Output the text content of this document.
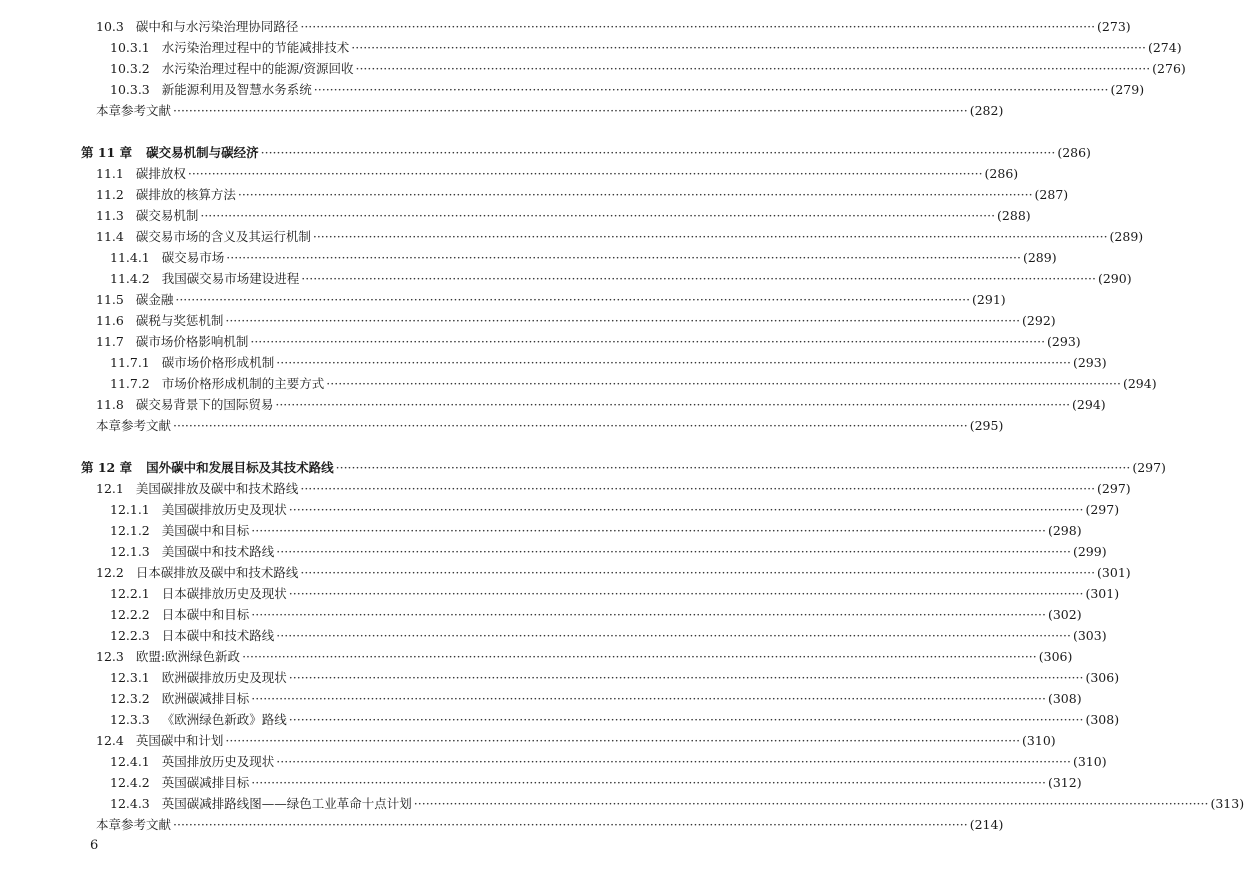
10.3 碳中和与水污染治理协同路径 ········································································································································································································ (273)
10.3.1 水污染治理过程中的节能减排技术 ········································································································································································································ (274)
10.3.2 水污染治理过程中的能源/资源回收 ········································································································································································································ (276)
10.3.3 新能源利用及智慧水务系统 ········································································································································································································ (279)
本章参考文献 ········································································································································································································ (282)
第 11 章 碳交易机制与碳经济 ········································································································································································································ (286)
11.1 碳排放权 ········································································································································································································ (286)
11.2 碳排放的核算方法 ········································································································································································································ (287)
11.3 碳交易机制 ········································································································································································································ (288)
11.4 碳交易市场的含义及其运行机制 ········································································································································································································ (289)
11.4.1 碳交易市场 ········································································································································································································ (289)
11.4.2 我国碳交易市场建设进程 ········································································································································································································ (290)
11.5 碳金融 ········································································································································································································ (291)
11.6 碳税与奖惩机制 ········································································································································································································ (292)
11.7 碳市场价格影响机制 ········································································································································································································ (293)
11.7.1 碳市场价格形成机制 ········································································································································································································ (293)
11.7.2 市场价格形成机制的主要方式 ········································································································································································································ (294)
11.8 碳交易背景下的国际贸易 ········································································································································································································ (294)
本章参考文献 ········································································································································································································ (295)
第 12 章 国外碳中和发展目标及其技术路线 ········································································································································································································ (297)
12.1 美国碳排放及碳中和技术路线 ········································································································································································································ (297)
12.1.1 美国碳排放历史及现状 ········································································································································································································ (297)
12.1.2 美国碳中和目标 ········································································································································································································ (298)
12.1.3 美国碳中和技术路线 ········································································································································································································ (299)
12.2 日本碳排放及碳中和技术路线 ········································································································································································································ (301)
12.2.1 日本碳排放历史及现状 ········································································································································································································ (301)
12.2.2 日本碳中和目标 ········································································································································································································ (302)
12.2.3 日本碳中和技术路线 ········································································································································································································ (303)
12.3 欧盟:欧洲绿色新政 ········································································································································································································ (306)
12.3.1 欧洲碳排放历史及现状 ········································································································································································································ (306)
12.3.2 欧洲碳减排目标 ········································································································································································································ (308)
12.3.3 《欧洲绿色新政》路线 ········································································································································································································ (308)
12.4 英国碳中和计划 ········································································································································································································ (310)
12.4.1 英国排放历史及现状 ········································································································································································································ (310)
12.4.2 英国碳减排目标 ········································································································································································································ (312)
12.4.3 英国碳减排路线图——绿色工业革命十点计划 ········································································································································································································ (313)
本章参考文献 ········································································································································································································ (214)
6
